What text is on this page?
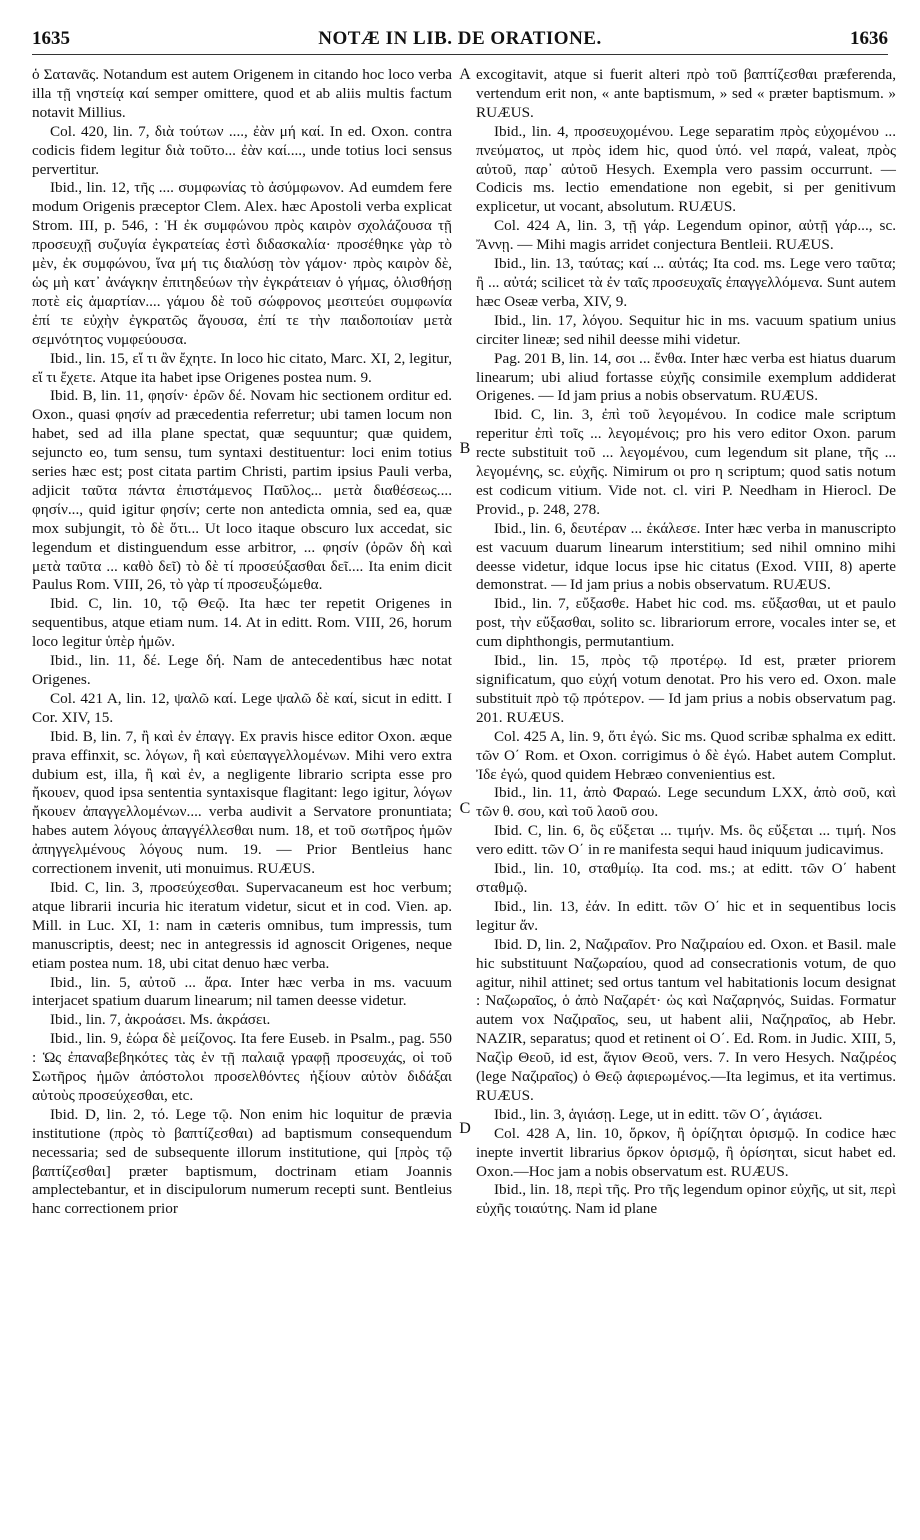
1635	NOTÆ IN LIB. DE ORATIONE.	1636

ὁ Σατανᾶς. Notandum est autem Origenem in citando hoc loco verba illa τῇ νηστείᾳ καί semper omittere, quod et ab aliis multis factum notavit Millius.

Col. 420, lin. 7, διὰ τούτων ...., ἐὰν μή καί. In ed. Oxon. contra codicis fidem legitur διὰ τοῦτο... ἐὰν καί...., unde totius loci sensus pervertitur.

Ibid., lin. 12, τῆς .... συμφωνίας τὸ ἀσύμφωνον. Ad eumdem fere modum Origenis præceptor Clem. Alex. hæc Apostoli verba explicat Strom. III, p. 546, : Ἡ ἐκ συμφώνου πρὸς καιρὸν σχολάζουσα τῇ προσευχῇ συζυγία ἐγκρατείας ἐστὶ διδασκαλία· προσέθηκε γὰρ τὸ μὲν, ἐκ συμφώνου, ἵνα μή τις διαλύσῃ τὸν γάμον· πρὸς καιρὸν δὲ, ὡς μὴ κατ᾽ ἀνάγκην ἐπιτηδεύων τὴν ἐγκράτειαν ὁ γήμας, ὀλισθήσῃ ποτὲ εἰς ἁμαρτίαν.... γάμου δὲ τοῦ σώφρονος μεσιτεύει συμφωνία ἐπί τε εὐχὴν ἐγκρατῶς ἄγουσα, ἐπί τε τὴν παιδοποιίαν μετὰ σεμνότητος νυμφεύουσα.

Ibid., lin. 15, εἴ τι ἂν ἔχητε. In loco hic citato, Marc. XI, 2, legitur, εἴ τι ἔχετε. Atque ita habet ipse Origenes postea num. 9.

Ibid. B, lin. 11, φησίν· ἐρῶν δέ. Novam hic sectionem orditur ed. Oxon., quasi φησίν ad præcedentia referretur; ubi tamen locum non habet, sed ad illa plane spectat, quæ sequuntur; quæ quidem, sejuncto eo, tum sensu, tum syntaxi destituentur: loci enim totius series hæc est; post citata partim Christi, partim ipsius Pauli verba, adjicit ταῦτα πάντα ἐπιστάμενος Παῦλος... μετὰ διαθέσεως.... φησίν..., quid igitur φησίν; certe non antedicta omnia, sed ea, quæ mox subjungit, τὸ δὲ ὅτι... Ut loco itaque obscuro lux accedat, sic legendum et distinguendum esse arbitror, ... φησίν (ὁρῶν δὴ καὶ μετὰ ταῦτα ... καθὸ δεῖ) τὸ δὲ τί προσεύξασθαι δεῖ.... Ita enim dicit Paulus Rom. VIII, 26, τὸ γὰρ τί προσευξώμεθα.

Ibid. C, lin. 10, τῷ Θεῷ. Ita hæc ter repetit Origenes in sequentibus, atque etiam num. 14. At in editt. Rom. VIII, 26, horum loco legitur ὑπὲρ ἡμῶν.

Ibid., lin. 11, δέ. Lege δή. Nam de antecedentibus hæc notat Origenes.

Col. 421 A, lin. 12, ψαλῶ καί. Lege ψαλῶ δὲ καί, sicut in editt. I Cor. XIV, 15.

Ibid. B, lin. 7, ἢ καὶ ἐν ἐπαγγ. Ex pravis hisce editor Oxon. æque prava effinxit, sc. λόγων, ἢ καὶ εὐεπαγγελλομένων. Mihi vero extra dubium est, illa, ἢ καὶ ἐν, a negligente librario scripta esse pro ἤκουεν, quod ipsa sententia syntaxisque flagitant: lego igitur, λόγων ἤκουεν ἀπαγγελλομένων.... verba audivit a Servatore pronuntiata; habes autem λόγους ἀπαγγέλλεσθαι num. 18, et τοῦ σωτῆρος ἡμῶν ἀπηγγελμένους λόγους num. 19. — Prior Bentleius hanc correctionem invenit, uti monuimus. RUÆUS.

Ibid. C, lin. 3, προσεύχεσθαι. Supervacaneum est hoc verbum; atque librarii incuria hic iteratum videtur, sicut et in cod. Vien. ap. Mill. in Luc. XI, 1: nam in cæteris omnibus, tum impressis, tum manuscriptis, deest; nec in antegressis id agnoscit Origenes, neque etiam postea num. 18, ubi citat denuo hæc verba.

Ibid., lin. 5, αὐτοῦ ... ἄρα. Inter hæc verba in ms. vacuum interjacet spatium duarum linearum; nil tamen deesse videtur.

Ibid., lin. 7, ἀκροάσει. Ms. ἀκράσει.

Ibid., lin. 9, ἑώρα δὲ μείζονος. Ita fere Euseb. in Psalm., pag. 550 : Ὡς ἐπαναβεβηκότες τὰς ἐν τῇ παλαιᾷ γραφῇ προσευχάς, οἱ τοῦ Σωτῆρος ἡμῶν ἀπόστολοι προσελθόντες ἠξίουν αὐτὸν διδάξαι αὐτοὺς προσεύχεσθαι, etc.

Ibid. D, lin. 2, τό. Lege τῷ. Non enim hic loquitur de prævia institutione (πρὸς τὸ βαπτίζεσθαι) ad baptismum consequendum necessaria; sed de subsequente illorum institutione, qui [πρὸς τῷ βαπτίζεσθαι] præter baptismum, doctrinam etiam Joannis amplectebantur, et in discipulorum numerum recepti sunt. Bentleius hanc correctionem prior

A
B
C
D

excogitavit, atque si fuerit alteri πρὸ τοῦ βαπτίζεσθαι præferenda, vertendum erit non, « ante baptismum, » sed « præter baptismum. » RUÆUS.

Ibid., lin. 4, προσευχομένου. Lege separatim πρὸς εὐχομένου ... πνεύματος, ut πρὸς idem hic, quod ὑπό. vel παρά, valeat, πρὸς αὐτοῦ, παρ᾽ αὐτοῦ Hesych. Exempla vero passim occurrunt. — Codicis ms. lectio emendatione non egebit, si per genitivum explicetur, ut vocant, absolutum. RUÆUS.

Col. 424 A, lin. 3, τῇ γάρ. Legendum opinor, αὐτῇ γάρ..., sc. Ἄννῃ. — Mihi magis arridet conjectura Bentleii. RUÆUS.

Ibid., lin. 13, ταύτας; καί ... αὐτάς; Ita cod. ms. Lege vero ταῦτα; ἢ ... αὐτά; scilicet τὰ ἐν ταῖς προσευχαῖς ἐπαγγελλόμενα. Sunt autem hæc Oseæ verba, XIV, 9.

Ibid., lin. 17, λόγου. Sequitur hic in ms. vacuum spatium unius circiter lineæ; sed nihil deesse mihi videtur.

Pag. 201 B, lin. 14, σοι ... ἔνθα. Inter hæc verba est hiatus duarum linearum; ubi aliud fortasse εὐχῆς consimile exemplum addiderat Origenes. — Id jam prius a nobis observatum. RUÆUS.

Ibid. C, lin. 3, ἐπὶ τοῦ λεγομένου. In codice male scriptum reperitur ἐπὶ τοῖς ... λεγομένοις; pro his vero editor Oxon. parum recte substituit τοῦ ... λεγομένου, cum legendum sit plane, τῆς ... λεγομένης, sc. εὐχῆς. Nimirum οι pro η scriptum; quod satis notum est codicum vitium. Vide not. cl. viri P. Needham in Hierocl. De Provid., p. 248, 278.

Ibid., lin. 6, δευτέραν ... ἐκάλεσε. Inter hæc verba in manuscripto est vacuum duarum linearum interstitium; sed nihil omnino mihi deesse videtur, idque locus ipse hic citatus (Exod. VIII, 8) aperte demonstrat. — Id jam prius a nobis observatum. RUÆUS.

Ibid., lin. 7, εὔξασθε. Habet hic cod. ms. εὔξασθαι, ut et paulo post, τὴν εὔξασθαι, solito sc. librariorum errore, vocales inter se, et cum diphthongis, permutantium.

Ibid., lin. 15, πρὸς τῷ προτέρῳ. Id est, præter priorem significatum, quo εὐχή votum denotat. Pro his vero ed. Oxon. male substituit πρὸ τῷ πρότερον. — Id jam prius a nobis observatum pag. 201. RUÆUS.

Col. 425 A, lin. 9, ὅτι ἐγώ. Sic ms. Quod scribæ sphalma ex editt. τῶν Ο΄ Rom. et Oxon. corrigimus ὁ δὲ ἐγώ. Habet autem Complut. Ἰδε ἐγώ, quod quidem Hebræo convenientius est.

Ibid., lin. 11, ἀπὸ Φαραώ. Lege secundum LXX, ἀπὸ σοῦ, καὶ τῶν θ. σου, καὶ τοῦ λαοῦ σου.

Ibid. C, lin. 6, ὃς εὔξεται ... τιμήν. Ms. ὃς εὔξεται ... τιμή. Nos vero editt. τῶν Ο΄ in re manifesta sequi haud iniquum judicavimus.

Ibid., lin. 10, σταθμίῳ. Ita cod. ms.; at editt. τῶν Ο΄ habent σταθμῷ.

Ibid., lin. 13, ἐάν. In editt. τῶν Ο΄ hic et in sequentibus locis legitur ἄν.

Ibid. D, lin. 2, Ναζιραῖον. Pro Ναζιραίου ed. Oxon. et Basil. male hic substituunt Ναζωραίου, quod ad consecrationis votum, de quo agitur, nihil attinet; sed ortus tantum vel habitationis locum designat : Ναζωραῖος, ὁ ἀπὸ Ναζαρέτ· ὡς καὶ Ναζαρηνός, Suidas. Formatur autem vox Ναζιραῖος, seu, ut habent alii, Ναζηραῖος, ab Hebr. NAZIR, separatus; quod et retinent οἱ Ο΄. Ed. Rom. in Judic. XIII, 5, Ναζὶρ Θεοῦ, id est, ἅγιον Θεοῦ, vers. 7. In vero Hesych. Ναζιρέος (lege Ναζιραῖος) ὁ Θεῷ ἀφιερωμένος.—Ita legimus, et ita vertimus. RUÆUS.

Ibid., lin. 3, ἁγιάσῃ. Lege, ut in editt. τῶν Ο΄, ἁγιάσει.

Col. 428 A, lin. 10, ὅρκον, ἢ ὁρίζηται ὁρισμῷ. In codice hæc inepte invertit librarius ὅρκον ὁρισμῷ, ἢ ὁρίσηται, sicut habet ed. Oxon.—Hoc jam a nobis observatum est. RUÆUS.

Ibid., lin. 18, περὶ τῆς. Pro τῆς legendum opinor εὐχῆς, ut sit, περὶ εὐχῆς τοιαύτης. Nam id plane
